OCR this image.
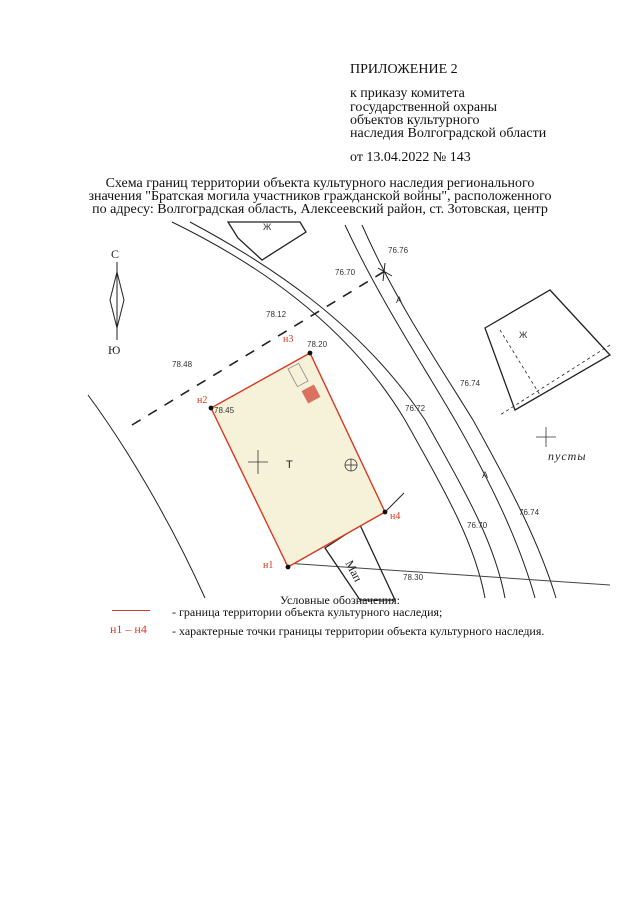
ПРИЛОЖЕНИЕ 2
к приказу комитета
государственной охраны
объектов культурного
наследия Волгоградской области
от 13.04.2022 № 143
Схема границ территории объекта культурного наследия регионального
значения "Братская могила участников гражданской войны", расположенного
по адресу: Волгоградская область, Алексеевский район, ст. Зотовская, центр
С
Ю
76.76
76.70
78.12
78.20
78.48
78.45
76.74
76.72
76.70
76.74
78.30
н1
н2
н3
н4
А
А
Ж
Ж
Т
пусты
Мап
Условные обозначения:
- граница территории объекта культурного наследия;
н1 – н4 - характерные точки границы территории объекта культурного наследия.
